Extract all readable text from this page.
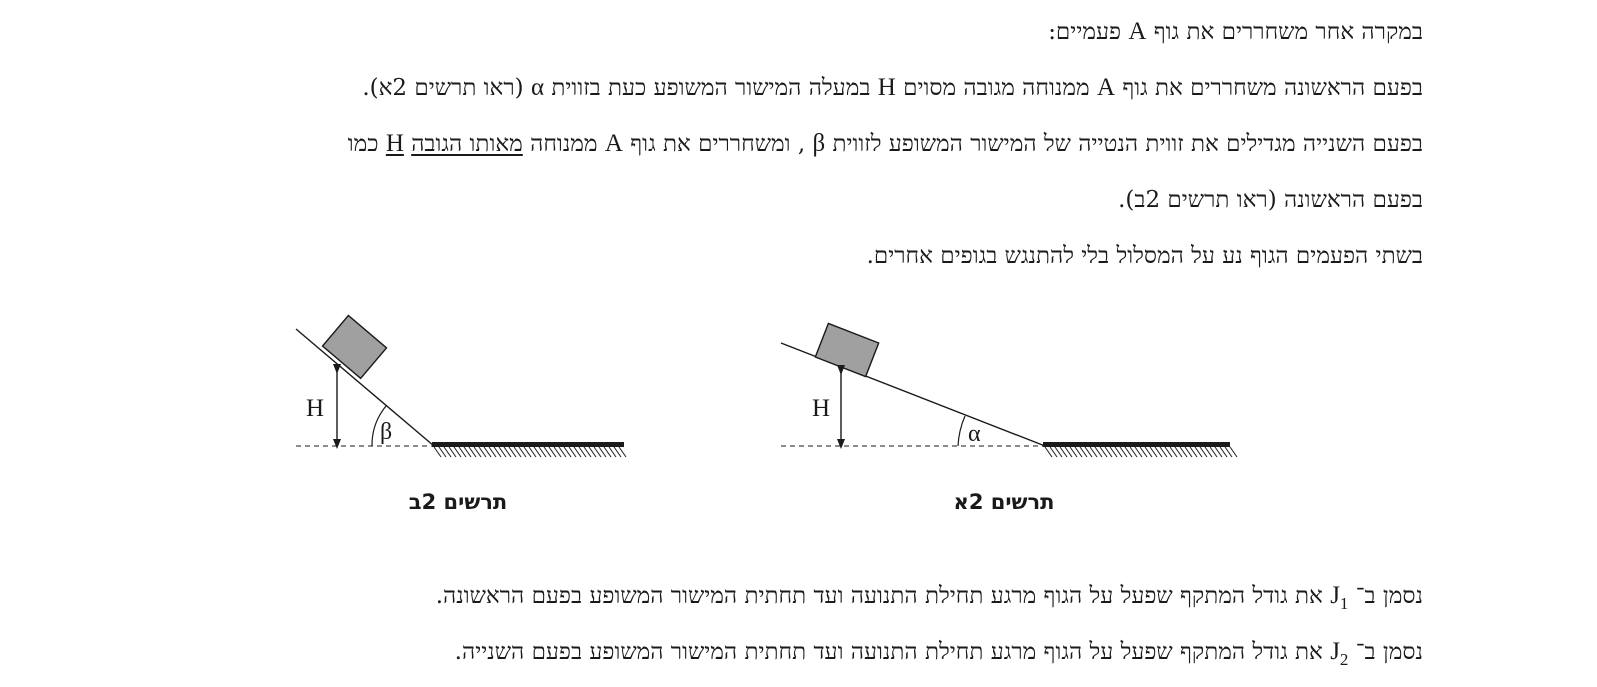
במקרה אחר משחררים את גוף A פעמיים:
בפעם הראשונה משחררים את גוף A ממנוחה מגובה מסוים H במעלה המישור המשופע כעת בזווית α (ראו תרשים 2א).
בפעם השנייה מגדילים את זווית הנטייה של המישור המשופע לזווית β , ומשחררים את גוף A ממנוחה מאותו הגובה H כמו
בפעם הראשונה (ראו תרשים 2ב).
בשתי הפעמים הגוף נע על המסלול בלי להתנגש בגופים אחרים.
H
β
H
α
תרשים 2ב	תרשים 2א
נסמן ב־ $J_1$ את גודל המתקף שפעל על הגוף מרגע תחילת התנועה ועד תחתית המישור המשופע בפעם הראשונה.
נסמן ב־ $J_2$ את גודל המתקף שפעל על הגוף מרגע תחילת התנועה ועד תחתית המישור המשופע בפעם השנייה.
